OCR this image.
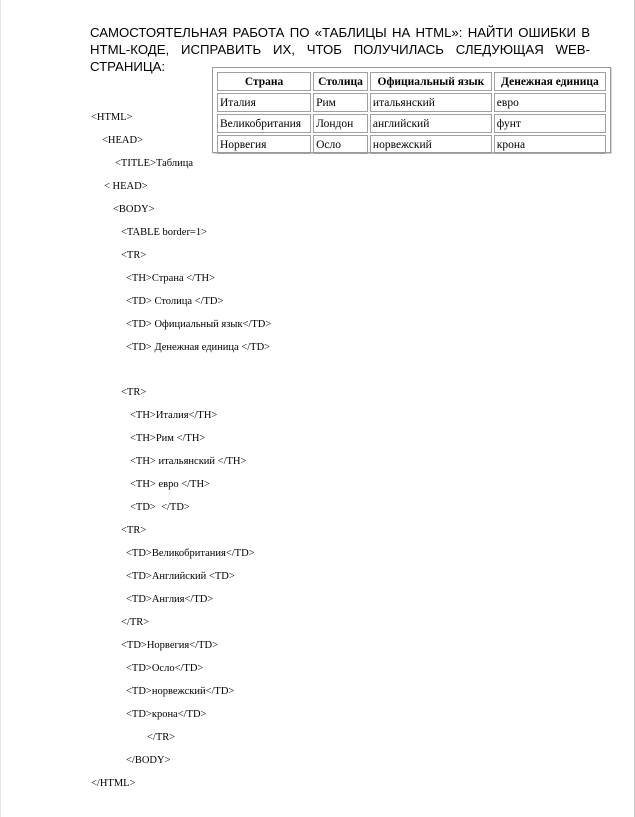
САМОСТОЯТЕЛЬНАЯ РАБОТА ПО «ТАБЛИЦЫ НА HTML»: НАЙТИ ОШИБКИ В HTML-КОДЕ, ИСПРАВИТЬ ИХ, ЧТОБ ПОЛУЧИЛАСЬ СЛЕДУЮЩАЯ WEB-СТРАНИЦА:
Страна	Столица	Официальный язык	Денежная единица
Италия	Рим	итальянский	евро
Великобритания	Лондон	английский	фунт
Норвегия	Осло	норвежский	крона
<HTML>
<HEAD>
<TITLE>Таблица
< HEAD>
<BODY>
<TABLE border=1>
<TR>
<TH>Страна </TH>
<TD> Столица </TD>
<TD> Официальный язык</TD>
<TD> Денежная единица </TD>
<TR>
<TH>Италия</TH>
<TH>Рим </TH>
<TH> итальянский </TH>
<TH> евро </TH>
<TD>  </TD>
<TR>
<TD>Великобритания</TD>
<TD>Английский <TD>
<TD>Англия</TD>
</TR>
<TD>Норвегия</TD>
<TD>Осло</TD>
<TD>норвежский</TD>
<TD>крона</TD>
</TR>
</BODY>
</HTML>
